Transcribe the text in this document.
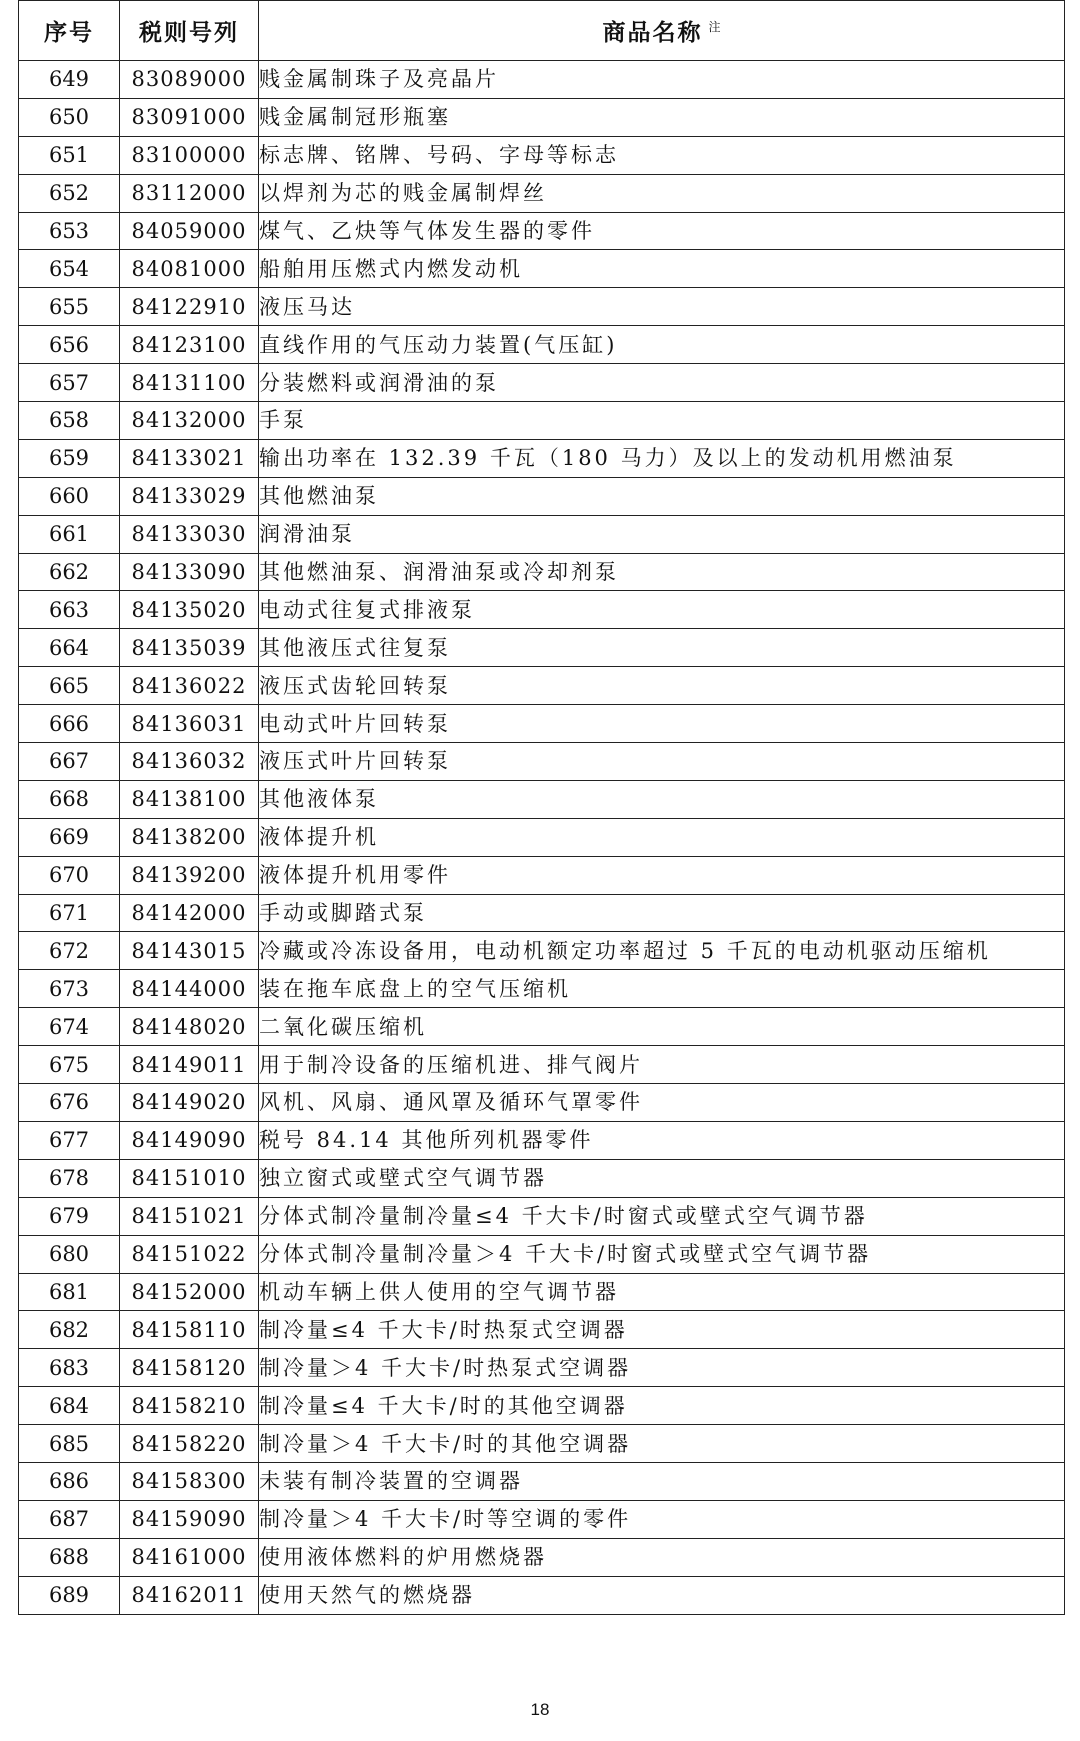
序号	税则号列	商品名称 $^注$
649	83089000	贱金属制珠子及亮晶片
650	83091000	贱金属制冠形瓶塞
651	83100000	标志牌、铭牌、号码、字母等标志
652	83112000	以焊剂为芯的贱金属制焊丝
653	84059000	煤气、乙炔等气体发生器的零件
654	84081000	船舶用压燃式内燃发动机
655	84122910	液压马达
656	84123100	直线作用的气压动力装置(气压缸)
657	84131100	分装燃料或润滑油的泵
658	84132000	手泵
659	84133021	输出功率在 132.39 千瓦（180 马力）及以上的发动机用燃油泵
660	84133029	其他燃油泵
661	84133030	润滑油泵
662	84133090	其他燃油泵、润滑油泵或冷却剂泵
663	84135020	电动式往复式排液泵
664	84135039	其他液压式往复泵
665	84136022	液压式齿轮回转泵
666	84136031	电动式叶片回转泵
667	84136032	液压式叶片回转泵
668	84138100	其他液体泵
669	84138200	液体提升机
670	84139200	液体提升机用零件
671	84142000	手动或脚踏式泵
672	84143015	冷藏或冷冻设备用，电动机额定功率超过 5 千瓦的电动机驱动压缩机
673	84144000	装在拖车底盘上的空气压缩机
674	84148020	二氧化碳压缩机
675	84149011	用于制冷设备的压缩机进、排气阀片
676	84149020	风机、风扇、通风罩及循环气罩零件
677	84149090	税号 84.14 其他所列机器零件
678	84151010	独立窗式或壁式空气调节器
679	84151021	分体式制冷量制冷量≤4 千大卡/时窗式或壁式空气调节器
680	84151022	分体式制冷量制冷量＞4 千大卡/时窗式或壁式空气调节器
681	84152000	机动车辆上供人使用的空气调节器
682	84158110	制冷量≤4 千大卡/时热泵式空调器
683	84158120	制冷量＞4 千大卡/时热泵式空调器
684	84158210	制冷量≤4 千大卡/时的其他空调器
685	84158220	制冷量＞4 千大卡/时的其他空调器
686	84158300	未装有制冷装置的空调器
687	84159090	制冷量＞4 千大卡/时等空调的零件
688	84161000	使用液体燃料的炉用燃烧器
689	84162011	使用天然气的燃烧器
18
